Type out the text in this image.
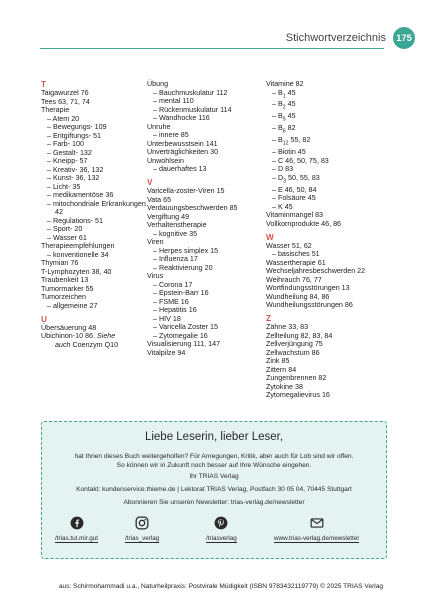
Stichwortverzeichnis	175
T
Taigawurzel 76
Tees 63, 71, 74
Therapie
– Atem 20
– Bewegungs- 109
– Entgiftungs- 51
– Farb- 100
– Gestalt- 132
– Kneipp- 57
– Kreativ- 36, 132
– Kunst- 36, 132
– Licht- 35
– medikamentöse 36
– mitochondriale Erkrankungen
42
– Regulations- 51
– Sport- 20
– Wasser 61
Therapieempfehlungen
– konventionelle 34
Thymian 76
T-Lymphozyten 38, 40
Traubenkeit 13
Tumormarker 55
Tumorzeichen
– allgemeine 27
U
Übersäuerung 48
Ubichinon-10 86. Siehe
auch Coenzym Q10
Übung
– Bauchmuskulatur 112
– mental 110
– Rückenmuskulatur 114
– Wandhocke 116
Unruhe
– innere 85
Unterbewusstsein 141
Unverträglichkeiten 30
Unwohlsein
– dauerhaftes 13
V
Varicella-zoster-Viren 15
Vata 65
Verdauungsbeschwerden 85
Vergiftung 49
Verhaltenstherapie
– kognitive 35
Viren
– Herpes simplex 15
– Influenza 17
– Reaktivierung 20
Virus
– Corona 17
– Epstein-Barr 16
– FSME 16
– Hepatitis 16
– HIV 18
– Varicella Zoster 15
– Zytomegalie 16
Visualisierung 111, 147
Vitalpilze 94
Vitamine 82
– $B_1$ 45
– $B_2$ 45
– $B_5$ 45
– $B_6$ 82
– $B_{12}$ 55, 82
– Biotin 45
– C 46, 50, 75, 83
– D 83
– $D_3$ 50, 55, 83
– E 46, 50, 84
– Folsäure 45
– K 45
Vitaminmangel 83
Vollkornprodukte 46, 86
W
Wasser 51, 62
– basisches 51
Wassertherapie 61
Wechseljahresbeschwerden 22
Weihrauch 76, 77
Wortfindungsstörungen 13
Wundheilung 84, 86
Wundheilungsstörungen 86
Z
Zähne 33, 83
Zellteilung 82, 83, 84
Zellverjüngung 75
Zellwachstum 86
Zink 85
Zittern 84
Zungenbrennen 82
Zytokine 38
Zytomegalievirus 16
Liebe Leserin, lieber Leser,
hat Ihnen dieses Buch weitergeholfen? Für Anregungen, Kritik, aber auch für Lob sind wir offen.
So können wir in Zukunft noch besser auf Ihre Wünsche eingehen.
Ihr TRIAS Verlag
Kontakt: kundenservice.thieme.de | Lektorat TRIAS Verlag, Postfach 30 05 04, 70445 Stuttgart
Abonnieren Sie unseren Newsletter: trias-verlag.de/newsletter
/trias.tut.mir.gut	/trias_verlag	/triasverlag	www.trias-verlag.de/newsletter
aus: Schirmohammadi u.a., Naturheilpraxis: Postvirale Müdigkeit (ISBN 9783432119779) © 2025 TRIAS Verlag
